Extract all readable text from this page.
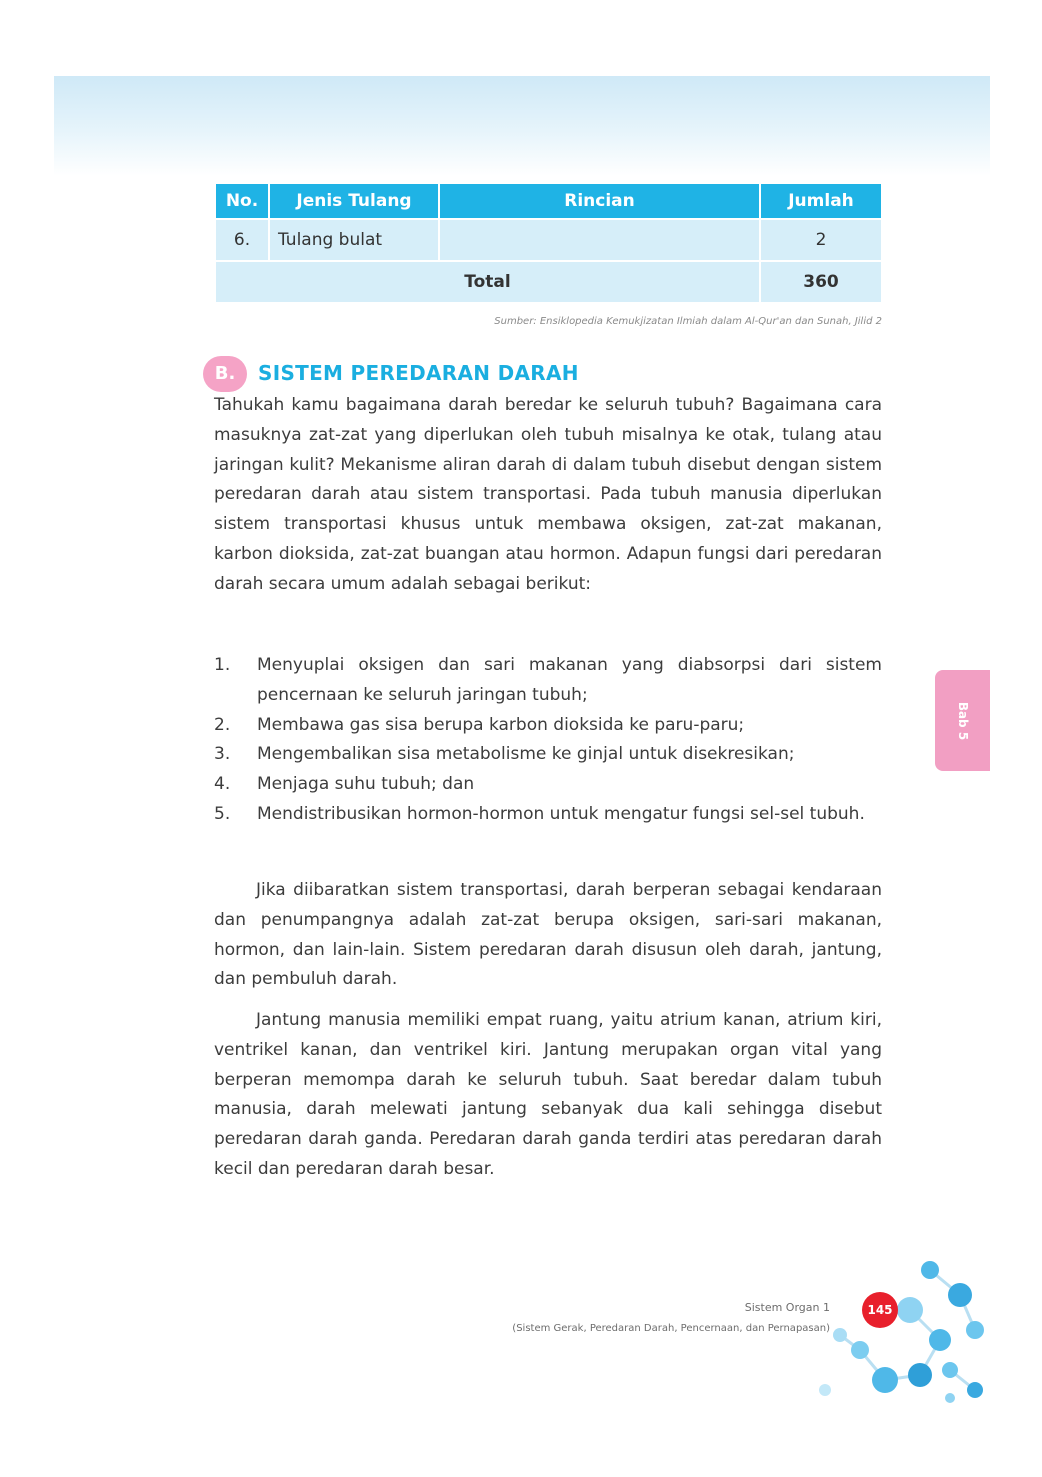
No.	Jenis Tulang	Rincian	Jumlah
6.	Tulang bulat		2
Total			360
Sumber: Ensiklopedia Kemukjizatan Ilmiah dalam Al-Qur'an dan Sunah, Jilid 2
B.	SISTEM PEREDARAN DARAH

Tahukah kamu bagaimana darah beredar ke seluruh tubuh? Bagaimana cara masuknya zat-zat yang diperlukan oleh tubuh misalnya ke otak, tulang atau jaringan kulit? Mekanisme aliran darah di dalam tubuh disebut dengan sistem peredaran darah atau sistem transportasi. Pada tubuh manusia diperlukan sistem transportasi khusus untuk membawa oksigen, zat-zat makanan, karbon dioksida, zat-zat buangan atau hormon. Adapun fungsi dari peredaran darah secara umum adalah sebagai berikut:

1.	Menyuplai oksigen dan sari makanan yang diabsorpsi dari sistem pencernaan ke seluruh jaringan tubuh;
2.	Membawa gas sisa berupa karbon dioksida ke paru-paru;
3.	Mengembalikan sisa metabolisme ke ginjal untuk disekresikan;
4.	Menjaga suhu tubuh; dan
5.	Mendistribusikan hormon-hormon untuk mengatur fungsi sel-sel tubuh.

Jika diibaratkan sistem transportasi, darah berperan sebagai kendaraan dan penumpangnya adalah zat-zat berupa oksigen, sari-sari makanan, hormon, dan lain-lain. Sistem peredaran darah disusun oleh darah, jantung, dan pembuluh darah.

Jantung manusia memiliki empat ruang, yaitu atrium kanan, atrium kiri, ventrikel kanan, dan ventrikel kiri. Jantung merupakan organ vital yang berperan memompa darah ke seluruh tubuh. Saat beredar dalam tubuh manusia, darah melewati jantung sebanyak dua kali sehingga disebut peredaran darah ganda. Peredaran darah ganda terdiri atas peredaran darah kecil dan peredaran darah besar.

Bab 5
Sistem Organ 1
(Sistem Gerak, Peredaran Darah, Pencernaan, dan Pernapasan)
145
